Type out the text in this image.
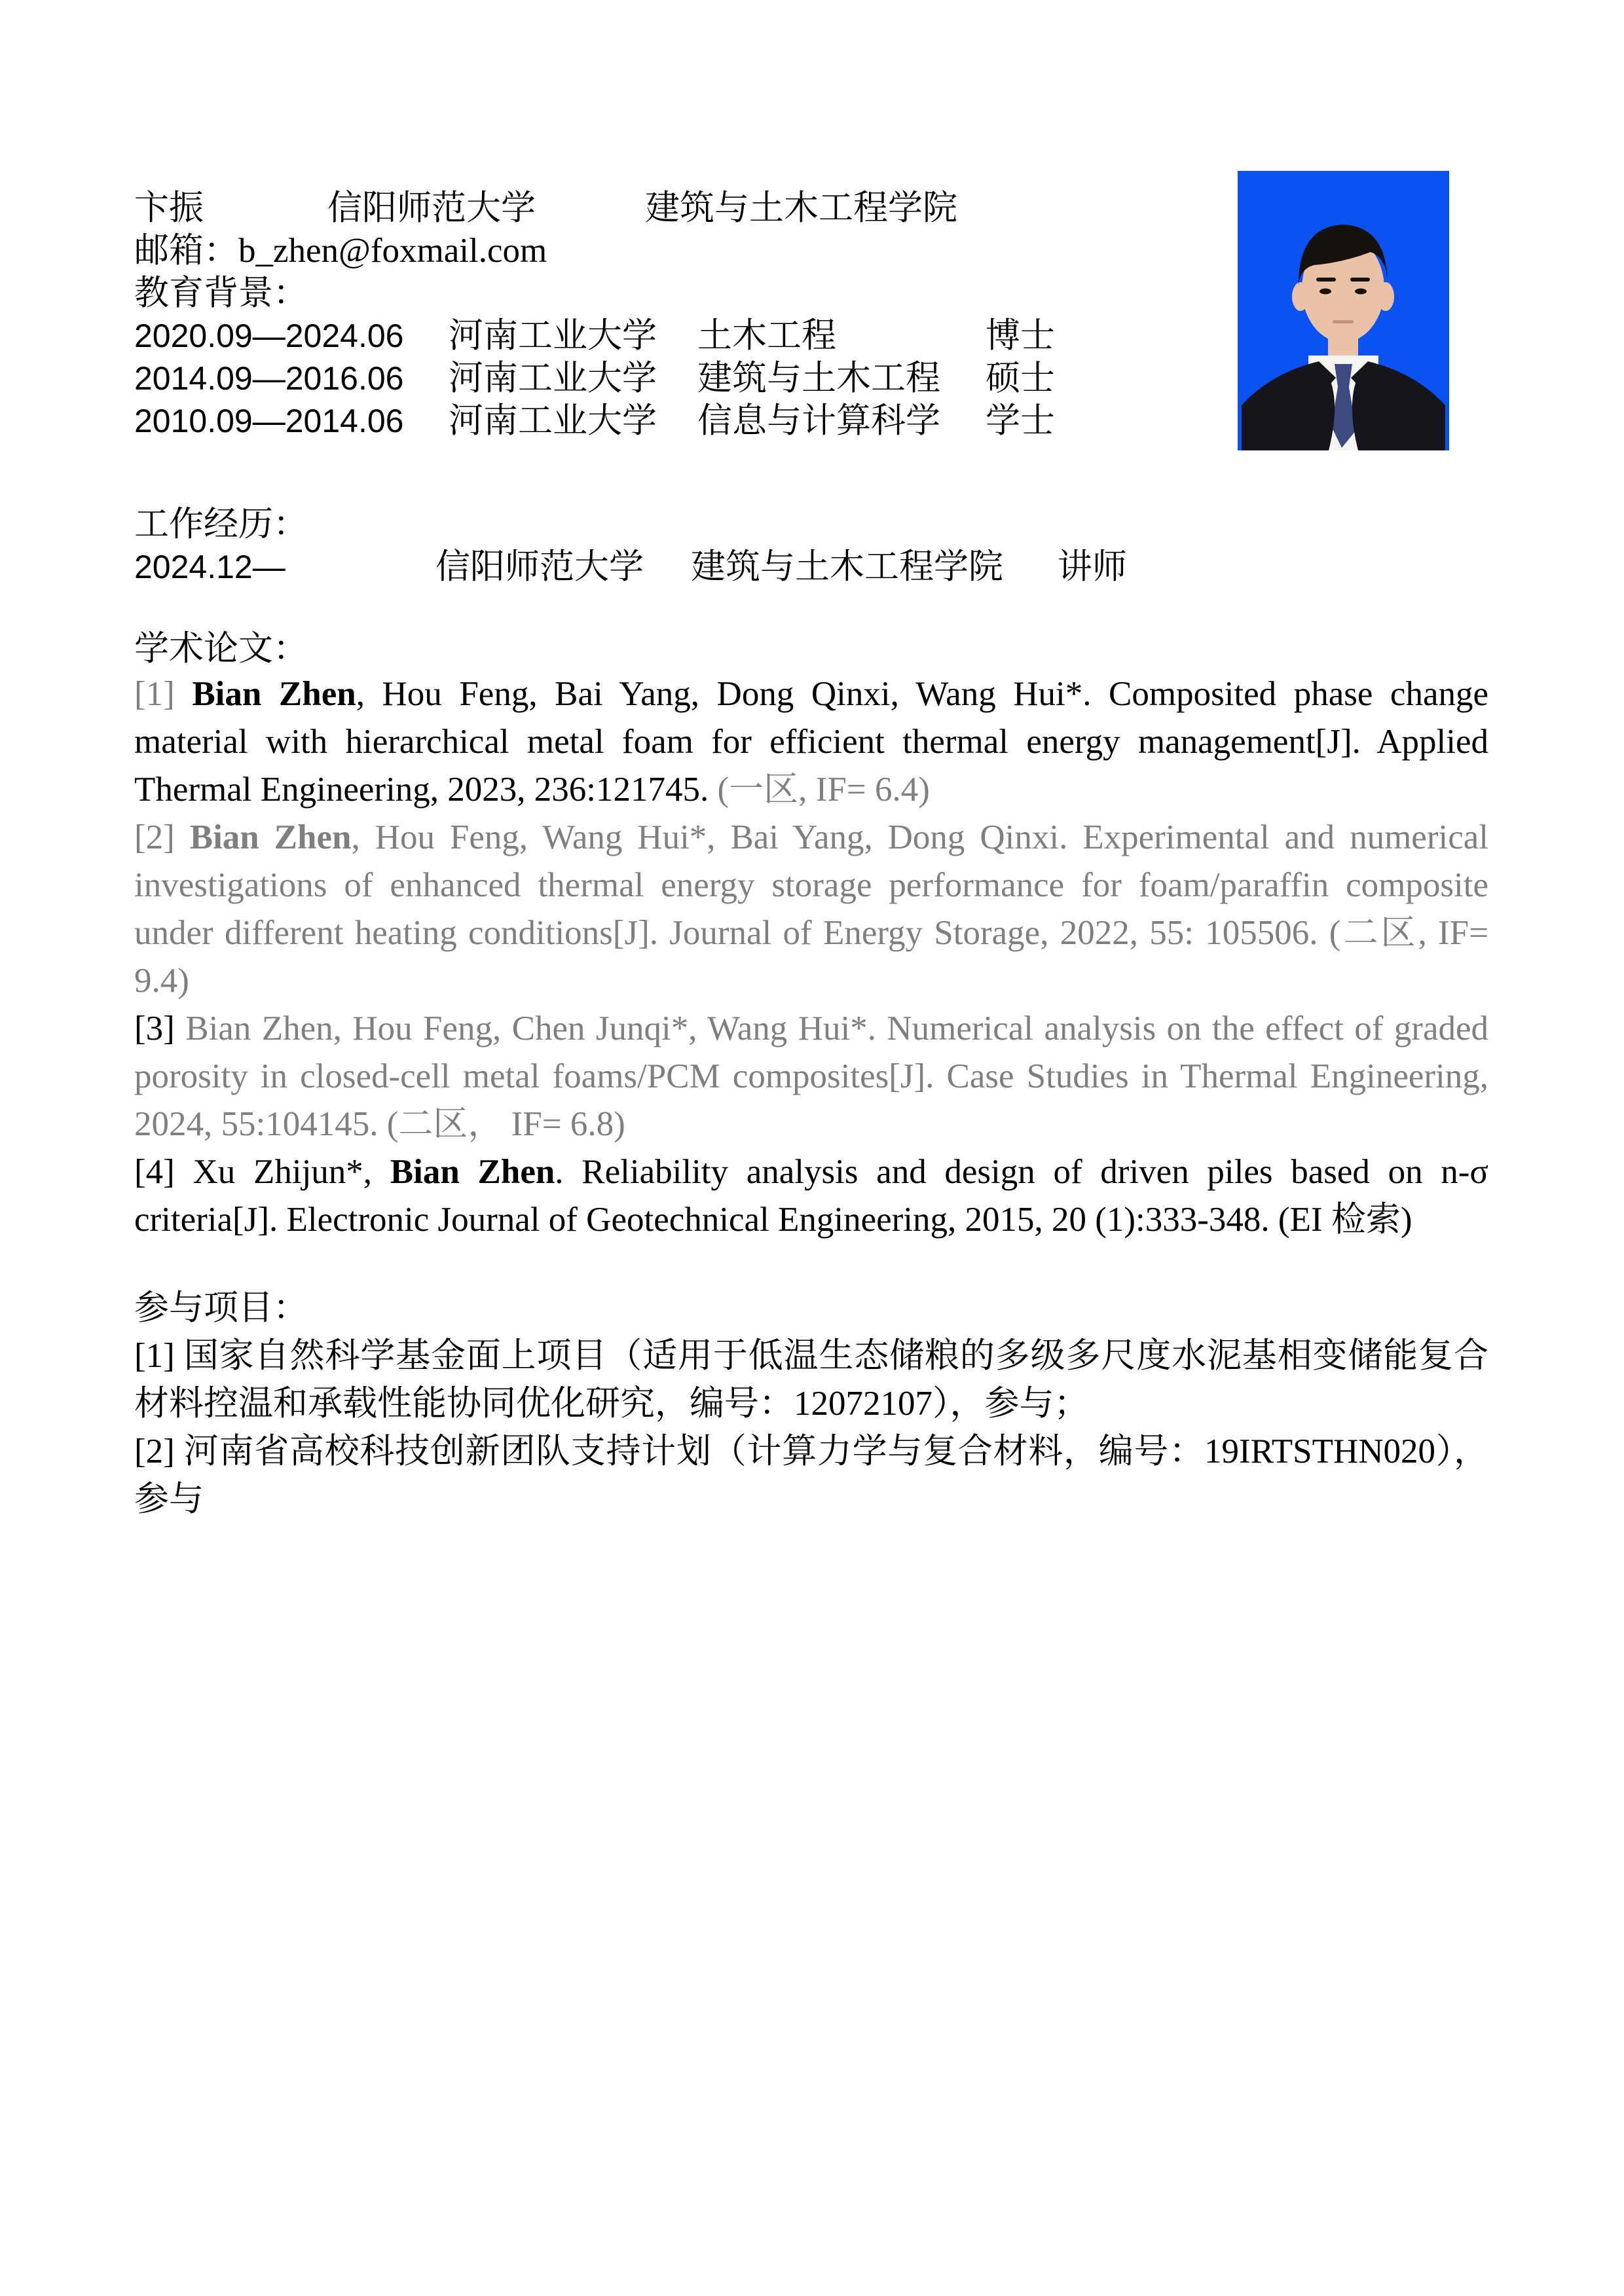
卞振	信阳师范大学	建筑与土木工程学院
邮箱：b_zhen@foxmail.com
教育背景：
2020.09—2024.06	河南工业大学	土木工程	博士
2014.09—2016.06	河南工业大学	建筑与土木工程	硕士
2010.09—2014.06	河南工业大学	信息与计算科学	学士
工作经历：
2024.12—	信阳师范大学	建筑与土木工程学院	讲师
学术论文：

[1] Bian Zhen, Hou Feng, Bai Yang, Dong Qinxi, Wang Hui*. Composited phase change material with hierarchical metal foam for efficient thermal energy management[J]. Applied Thermal Engineering, 2023, 236:121745. (一区, IF= 6.4)

[2] Bian Zhen, Hou Feng, Wang Hui*, Bai Yang, Dong Qinxi. Experimental and numerical investigations of enhanced thermal energy storage performance for foam/paraffin composite under different heating conditions[J]. Journal of Energy Storage, 2022, 55: 105506. (二区, IF= 9.4)

[3] Bian Zhen, Hou Feng, Chen Junqi*, Wang Hui*. Numerical analysis on the effect of graded porosity in closed-cell metal foams/PCM composites[J]. Case Studies in Thermal Engineering, 2024, 55:104145. (二区， IF= 6.8)

[4] Xu Zhijun*, Bian Zhen. Reliability analysis and design of driven piles based on n-σ criteria[J]. Electronic Journal of Geotechnical Engineering, 2015, 20 (1):333-348. (EI 检索)

参与项目：

[1] 国家自然科学基金面上项目（适用于低温生态储粮的多级多尺度水泥基相变储能复合材料控温和承载性能协同优化研究，编号：12072107），参与；

[2] 河南省高校科技创新团队支持计划（计算力学与复合材料，编号：19IRTSTHN020），参与
